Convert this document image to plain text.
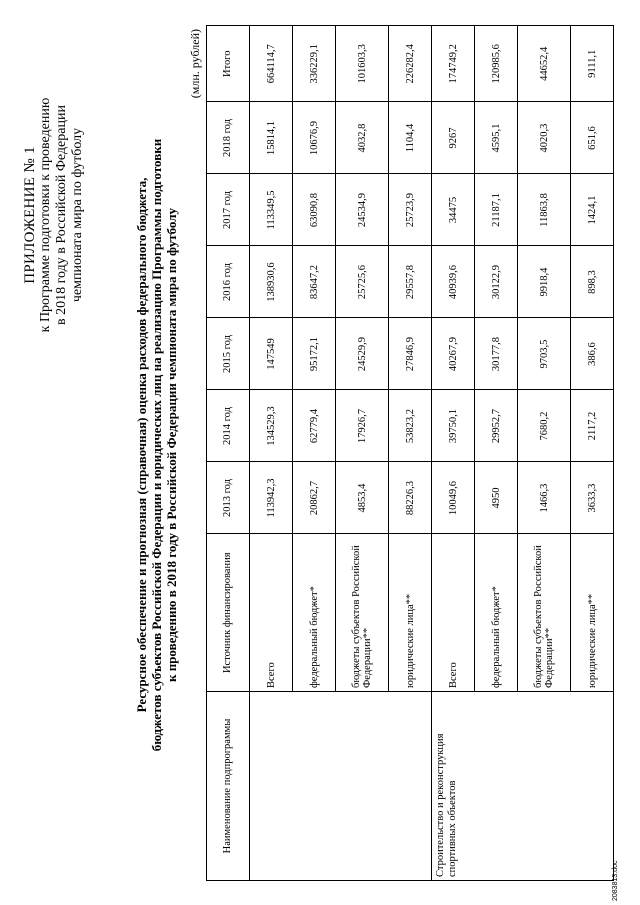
ПРИЛОЖЕНИЕ № 1 к Программе подготовки к проведению в 2018 году в Российской Федерации чемпионата мира по футболу	Ресурсное обеспечение и прогнозная (справочная) оценка расходов федерального бюджета, бюджетов субъектов Российской Федерации и юридических лиц на реализацию Программы подготовки к проведению в 2018 году в Российской Федерации чемпионата мира по футболу
(млн. рублей)
Наименование подпрограммы	Источник финансирования	2013 год	2014 год	2015 год	2016 год	2017 год	2018 год	Итого
	Всего	113942,3	134529,3	147549	138930,6	113349,5	15814,1	664114,7
	федеральный бюджет*	20862,7	62779,4	95172,1	83647,2	63090,8	10676,9	336229,1
	бюджеты субъектов Российской Федерации**	4853,4	17926,7	24529,9	25725,6	24534,9	4032,8	101603,3
	юридические лица**	88226,3	53823,2	27846,9	29557,8	25723,9	1104,4	226282,4
Строительство и реконструкция спортивных объектов	Всего	10049,6	39750,1	40267,9	40939,6	34475	9267	174749,2
	федеральный бюджет*	4950	29952,7	30177,8	30122,9	21187,1	4595,1	120985,6
	бюджеты субъектов Российской Федерации**	1466,3	7680,2	9703,5	9918,4	11863,8	4020,3	44652,4
	юридические лица**	3633,3	2117,2	386,6	898,3	1424,1	651,6	9111,1
2083813.doc
